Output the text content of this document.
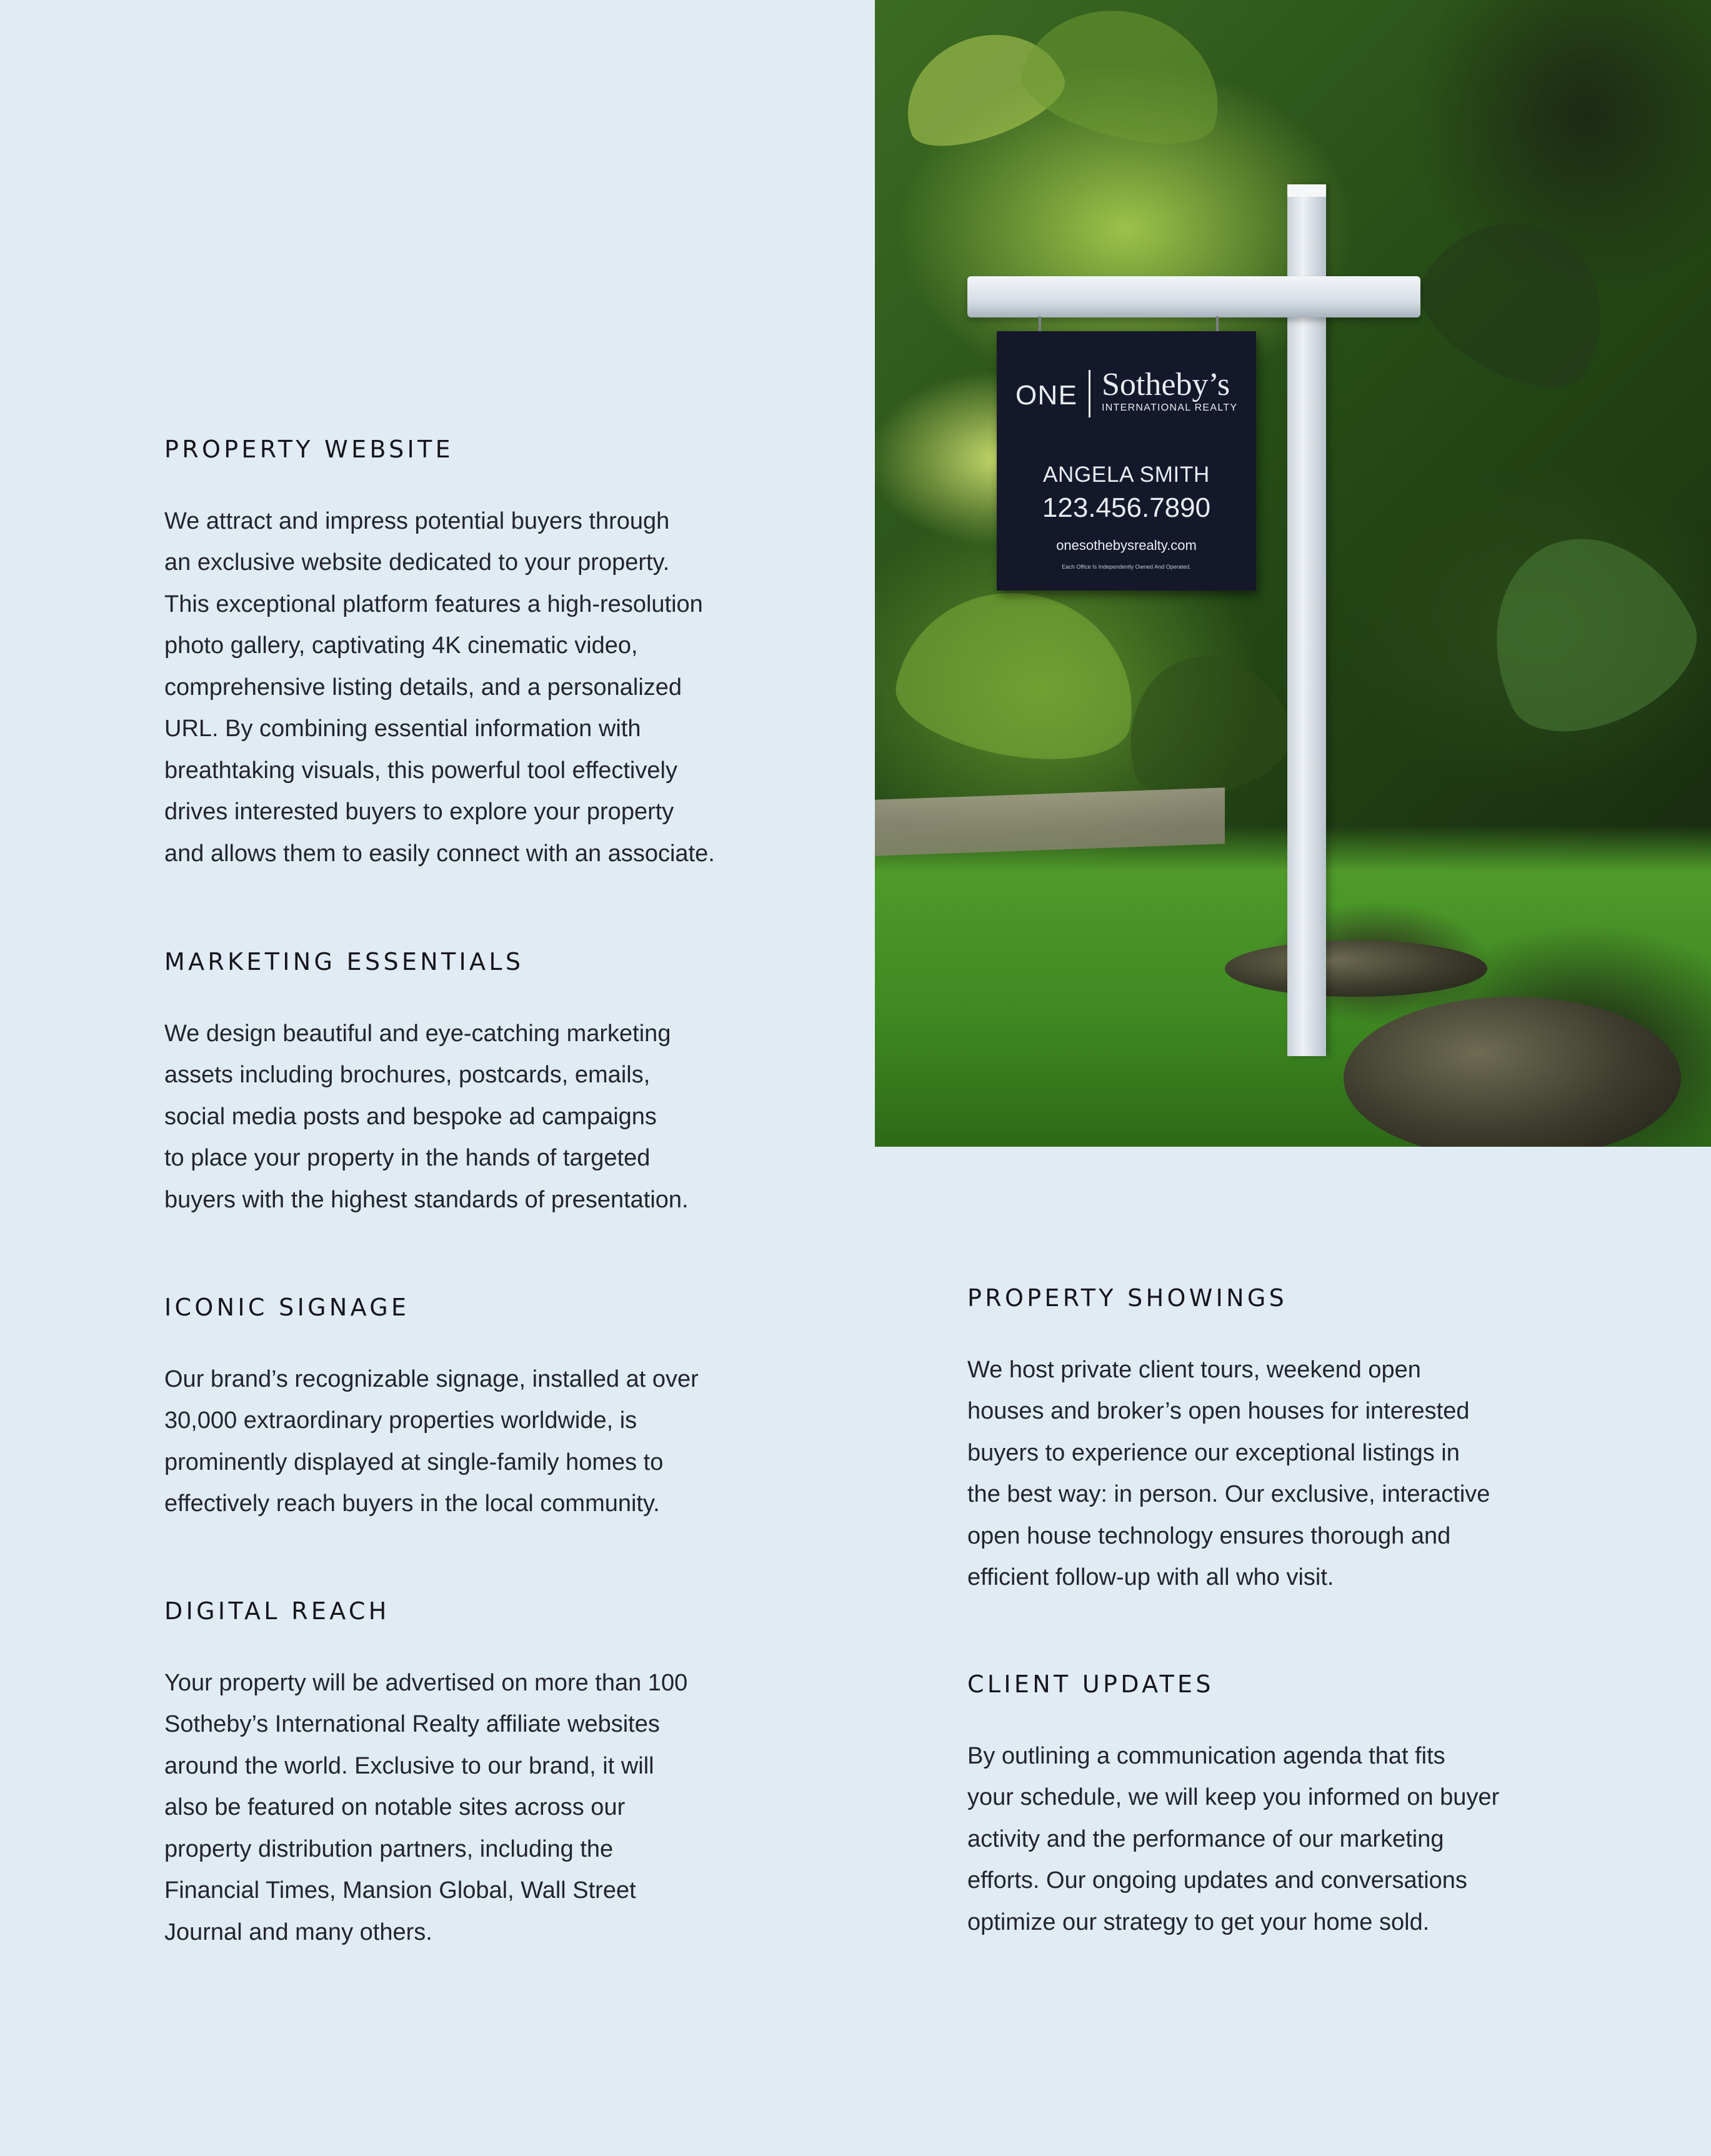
ONE Sotheby’s
INTERNATIONAL REALTY
ANGELA SMITH
123.456.7890
onesothebysrealty.com
Each Office Is Independently Owned And Operated.
PROPERTY WEBSITE

We attract and impress potential buyers through
an exclusive website dedicated to your property.
This exceptional platform features a high-resolution
photo gallery, captivating 4K cinematic video,
comprehensive listing details, and a personalized
URL. By combining essential information with
breathtaking visuals, this powerful tool effectively
drives interested buyers to explore your property
and allows them to easily connect with an associate.

MARKETING ESSENTIALS

We design beautiful and eye-catching marketing
assets including brochures, postcards, emails,
social media posts and bespoke ad campaigns
to place your property in the hands of targeted
buyers with the highest standards of presentation.

ICONIC SIGNAGE

Our brand’s recognizable signage, installed at over
30,000 extraordinary properties worldwide, is
prominently displayed at single-family homes to
effectively reach buyers in the local community.

DIGITAL REACH

Your property will be advertised on more than 100
Sotheby’s International Realty affiliate websites
around the world. Exclusive to our brand, it will
also be featured on notable sites across our
property distribution partners, including the
Financial Times, Mansion Global, Wall Street
Journal and many others.

PROPERTY SHOWINGS

We host private client tours, weekend open
houses and broker’s open houses for interested
buyers to experience our exceptional listings in
the best way: in person. Our exclusive, interactive
open house technology ensures thorough and
efficient follow-up with all who visit.

CLIENT UPDATES

By outlining a communication agenda that fits
your schedule, we will keep you informed on buyer
activity and the performance of our marketing
efforts. Our ongoing updates and conversations
optimize our strategy to get your home sold.
